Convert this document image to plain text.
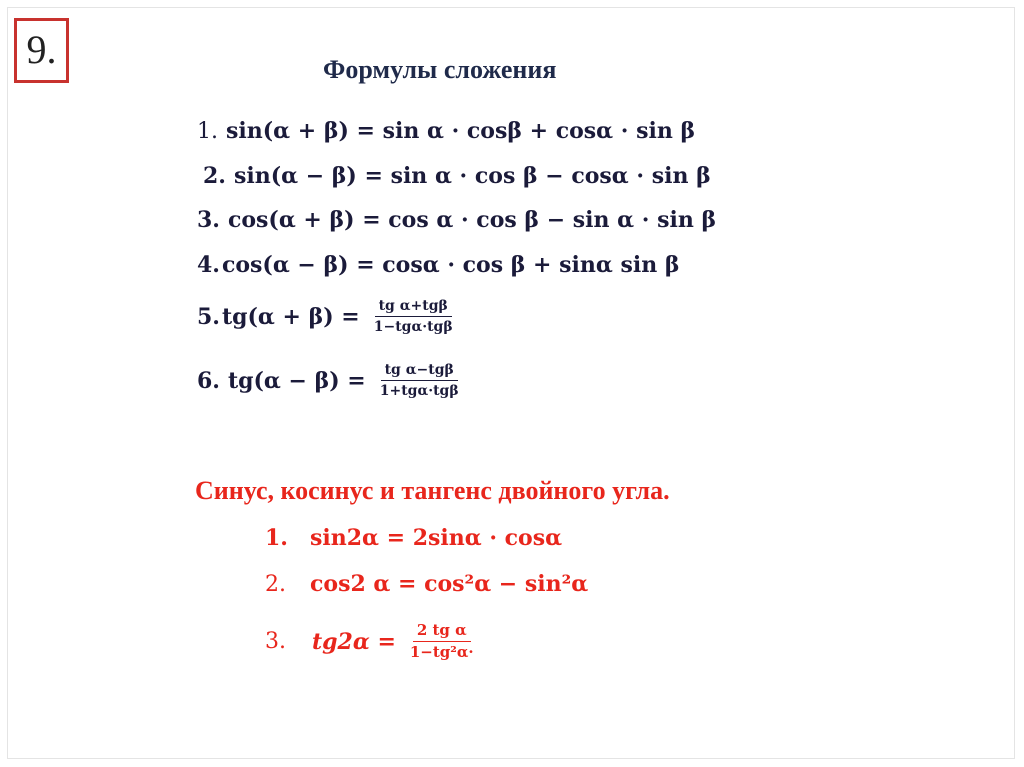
9.	Формулы сложения
1. sin(α + β) = sin α · cosβ + cosα · sin β
2. sin(α − β) = sin α · cos β − cosα · sin β
3. cos(α + β) = cos α · cos β − sin α · sin β
4. cos(α − β) = cosα · cos β + sinα sin β
5. $tg(\alpha + \beta) = \frac{\text{tg α+tgβ}}{\text{1−tgα·tgβ}}$
6. $tg(\alpha - \beta) = \frac{\text{tg α−tgβ}}{\text{1+tgα·tgβ}}$
Синус, косинус и тангенс двойного угла.
1. sin2α = 2sinα · cosα
2. cos2 α = cos²α − sin²α
3. $tg2\alpha = \frac{\text{2 tg α}}{\text{1−tg²α·}}$
